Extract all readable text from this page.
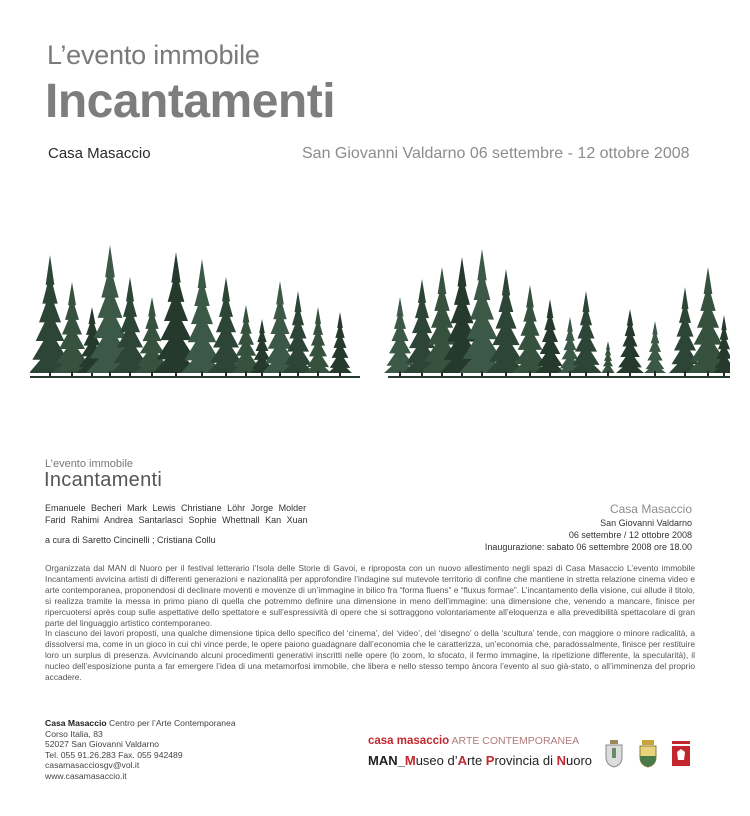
L’evento immobile
Incantamenti
Casa Masaccio	San Giovanni Valdarno 06 settembre - 12 ottobre 2008
L’evento immobile
Incantamenti
Emanuele Becheri Mark Lewis Christiane Löhr Jorge Molder
Farid Rahimi Andrea Santarlasci Sophie Whettnall Kan Xuan
a cura di Saretto Cincinelli ; Cristiana Collu
Casa Masaccio
San Giovanni Valdarno
06 settembre / 12 ottobre 2008
Inaugurazione: sabato 06 settembre 2008 ore 18.00

Organizzata dal MAN di Nuoro per il festival letterario l’Isola delle Storie di Gavoi, e riproposta con un nuovo allestimento negli spazi di Casa Masaccio L’evento immobile Incantamenti avvicina artisti di differenti generazioni e nazionalità per approfondire l’indagine sul mutevole territorio di confine che mantiene in stretta relazione cinema video e arte contemporanea, proponendosi di declinare moventi e movenze di un’immagine in bilico fra “forma fluens” e “fluxus formae”. L’incantamento della visione, cui allude il titolo, si realizza tramite la messa in primo piano di quella che potremmo definire una dimensione in meno dell’immagine: una dimensione che, venendo a mancare, finisce per ripercuotersi après coup sulle aspettative dello spettatore e sull’espressività di opere che si sottraggono volontariamente all’eloquenza e alla prevedibilità spettacolare di gran parte del linguaggio artistico contemporaneo.

In ciascuno dei lavori proposti, una qualche dimensione tipica dello specifico del ‘cinema’, del ‘video’, del ‘disegno’ o della ‘scultura’ tende, con maggiore o minore radicalità, a dissolversi ma, come in un gioco in cui chi vince perde, le opere paiono guadagnare dall’economia che le caratterizza, un’economia che, paradossalmente, finisce per restituire loro un surplus di presenza. Avvicinando alcuni procedimenti generativi inscritti nelle opere (lo zoom, lo sfocato, il fermo immagine, la ripetizione differente, la specularità), il nucleo dell’esposizione punta a far emergere l’idea di una metamorfosi immobile, che libera e nello stesso tempo àncora l’evento al suo già-stato, o all’imminenza del proprio accadere.

Casa Masaccio Centro per l’Arte Contemporanea
Corso Italia, 83
52027 San Giovanni Valdarno
Tel. 055 91.26.283 Fax. 055 942489
casamasacciosgv@vol.it
www.casamasaccio.it
casa masaccio ARTE CONTEMPORANEA
MAN_Museo d’Arte Provincia di Nuoro
